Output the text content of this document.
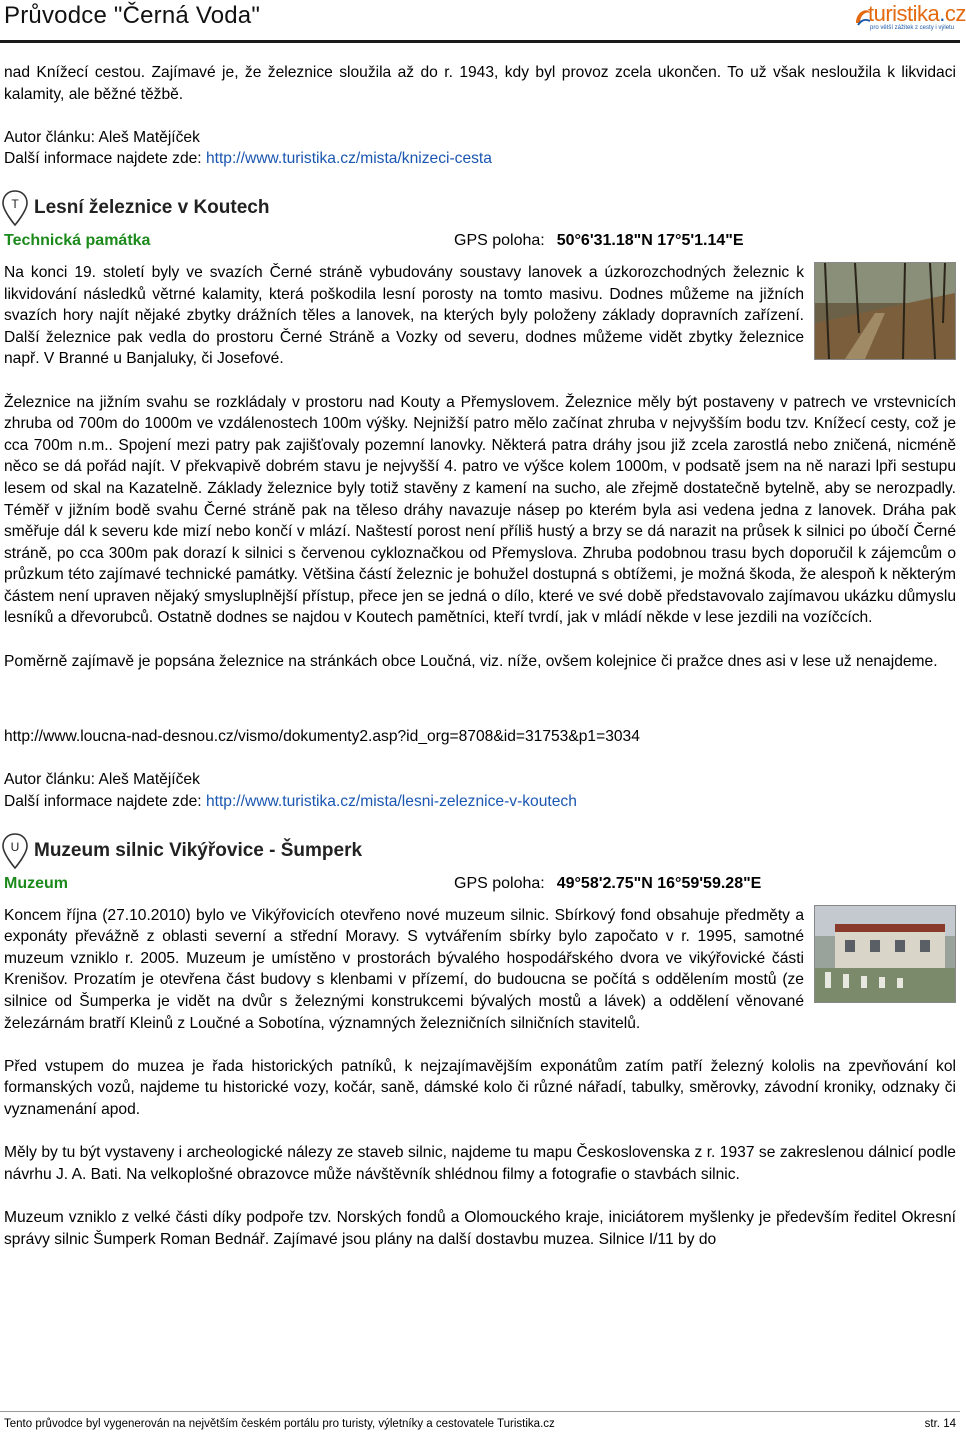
Průvodce "Černá Voda"	turistika.cz
pro větší zážitek z cesty i výletu

nad Knížecí cestou. Zajímavé je, že železnice sloužila až do r. 1943, kdy byl provoz zcela ukončen. To už však nesloužila k likvidaci kalamity, ale běžné těžbě.

Autor článku: Aleš Matějíček

Další informace najdete zde: http://www.turistika.cz/mista/knizeci-cesta

T Lesní železnice v Koutech
Technická památka	GPS poloha: 50°6'31.18"N 17°5'1.14"E

Na konci 19. století byly ve svazích Černé stráně vybudovány soustavy lanovek a úzkorozchodných železnic k likvidování následků větrné kalamity, která poškodila lesní porosty na tomto masivu. Dodnes můžeme na jižních svazích hory najít nějaké zbytky drážních těles a lanovek, na kterých byly položeny základy dopravních zařízení. Další železnice pak vedla do prostoru Černé Stráně a Vozky od severu, dodnes můžeme vidět zbytky železnice např. V Branné u Banjaluky, či Josefové.

Železnice na jižním svahu se rozkládaly v prostoru nad Kouty a Přemyslovem. Železnice měly být postaveny v patrech ve vrstevnicích zhruba od 700m do 1000m ve vzdálenostech 100m výšky. Nejnižší patro mělo začínat zhruba v nejvyšším bodu tzv. Knížecí cesty, což je cca 700m n.m.. Spojení mezi patry pak zajišťovaly pozemní lanovky. Některá patra dráhy jsou již zcela zarostlá nebo zničená, nicméně něco se dá pořád najít. V překvapivě dobrém stavu je nejvyšší 4. patro ve výšce kolem 1000m, v podsatě jsem na ně narazi lpři sestupu lesem od skal na Kazatelně. Základy železnice byly totiž stavěny z kamení na sucho, ale zřejmě dostatečně bytelně, aby se nerozpadly. Téměř v jižním bodě svahu Černé stráně pak na těleso dráhy navazuje násep po kterém byla asi vedena jedna z lanovek. Dráha pak směřuje dál k severu kde mizí nebo končí v mlází. Naštestí porost není příliš hustý a brzy se dá narazit na průsek k silnici po úbočí Černé stráně, po cca 300m pak dorazí k silnici s červenou cykloznačkou od Přemyslova. Zhruba podobnou trasu bych doporučil k zájemcům o průzkum této zajímavé technické památky. Většina částí železnic je bohužel dostupná s obtížemi, je možná škoda, že alespoň k některým částem není upraven nějaký smysluplnější přístup, přece jen se jedná o dílo, které ve své době představovalo zajímavou ukázku důmyslu lesníků a dřevorubců. Ostatně dodnes se najdou v Koutech pamětníci, kteří tvrdí, jak v mládí někde v lese jezdili na vozíčcích.

Poměrně zajímavě je popsána železnice na stránkách obce Loučná, viz. níže, ovšem kolejnice či pražce dnes asi v lese už nenajdeme.

http://www.loucna-nad-desnou.cz/vismo/dokumenty2.asp?id_org=8708&id=31753&p1=3034

Autor článku: Aleš Matějíček

Další informace najdete zde: http://www.turistika.cz/mista/lesni-zeleznice-v-koutech

U Muzeum silnic Vikýřovice - Šumperk
Muzeum	GPS poloha: 49°58'2.75"N 16°59'59.28"E

Koncem října (27.10.2010) bylo ve Vikýřovicích otevřeno nové muzeum silnic. Sbírkový fond obsahuje předměty a exponáty převážně z oblasti severní a střední Moravy. S vytvářením sbírky bylo započato v r. 1995, samotné muzeum vzniklo r. 2005. Muzeum je umístěno v prostorách bývalého hospodářského dvora ve vikýřovické části Krenišov. Prozatím je otevřena část budovy s klenbami v přízemí, do budoucna se počítá s oddělením mostů (ze silnice od Šumperka je vidět na dvůr s železnými konstrukcemi bývalých mostů a lávek) a oddělení věnované železárnám bratří Kleinů z Loučné a Sobotína, významných železničních silničních stavitelů.

Před vstupem do muzea je řada historických patníků, k nejzajímavějším exponátům zatím patří železný kololis na zpevňování kol formanských vozů, najdeme tu historické vozy, kočár, saně, dámské kolo či různé nářadí, tabulky, směrovky, závodní kroniky, odznaky či vyznamenání apod.

Měly by tu být vystaveny i archeologické nálezy ze staveb silnic, najdeme tu mapu Československa z r. 1937 se zakreslenou dálnicí podle návrhu J. A. Bati. Na velkoplošné obrazovce může návštěvník shlédnou filmy a fotografie o stavbách silnic.

Muzeum vzniklo z velké části díky podpoře tzv. Norských fondů a Olomouckého kraje, iniciátorem myšlenky je především ředitel Okresní správy silnic Šumperk Roman Bednář. Zajímavé jsou plány na další dostavbu muzea. Silnice I/11 by do

Tento průvodce byl vygenerován na největším českém portálu pro turisty, výletníky a cestovatele Turistika.cz	str. 14
